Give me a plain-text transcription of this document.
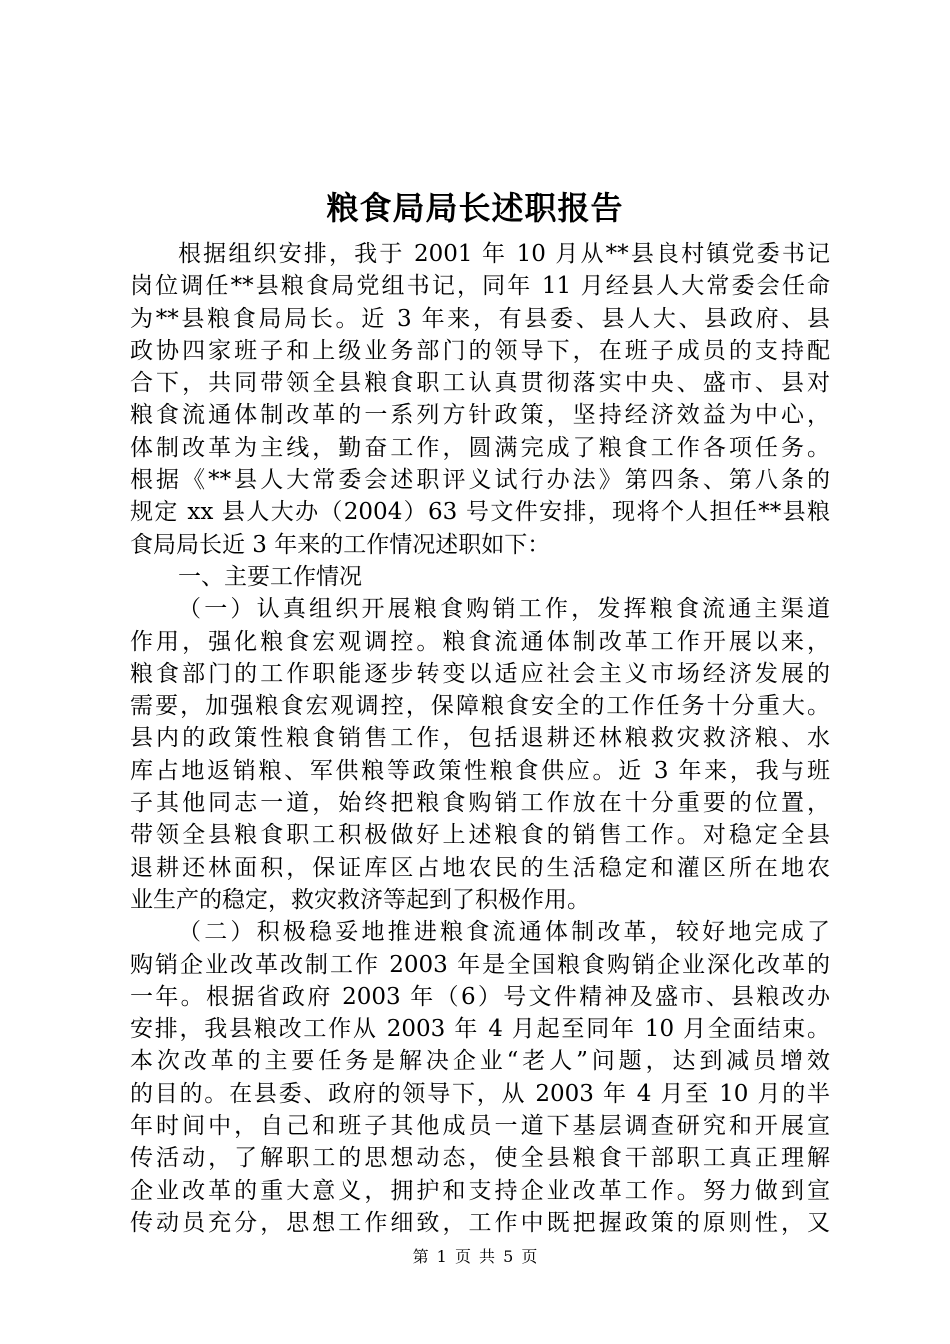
粮食局局长述职报告
根据组织安排，我于 2001 年 10 月从**县良村镇党委书记
岗位调任**县粮食局党组书记，同年 11 月经县人大常委会任命
为**县粮食局局长。近 3 年来，有县委、县人大、县政府、县
政协四家班子和上级业务部门的领导下，在班子成员的支持配
合下，共同带领全县粮食职工认真贯彻落实中央、盛市、县对
粮食流通体制改革的一系列方针政策，坚持经济效益为中心，
体制改革为主线，勤奋工作，圆满完成了粮食工作各项任务。
根据《**县人大常委会述职评义试行办法》第四条、第八条的
规定 xx 县人大办（2004）63 号文件安排，现将个人担任**县粮
食局局长近 3 年来的工作情况述职如下：
一、主要工作情况
（一）认真组织开展粮食购销工作，发挥粮食流通主渠道
作用，强化粮食宏观调控。粮食流通体制改革工作开展以来，
粮食部门的工作职能逐步转变以适应社会主义市场经济发展的
需要，加强粮食宏观调控，保障粮食安全的工作任务十分重大。
县内的政策性粮食销售工作，包括退耕还林粮救灾救济粮、水
库占地返销粮、军供粮等政策性粮食供应。近 3 年来，我与班
子其他同志一道，始终把粮食购销工作放在十分重要的位置，
带领全县粮食职工积极做好上述粮食的销售工作。对稳定全县
退耕还林面积，保证库区占地农民的生活稳定和灌区所在地农
业生产的稳定，救灾救济等起到了积极作用。
（二）积极稳妥地推进粮食流通体制改革，较好地完成了
购销企业改革改制工作 2003 年是全国粮食购销企业深化改革的
一年。根据省政府 2003 年（6）号文件精神及盛市、县粮改办
安排，我县粮改工作从 2003 年 4 月起至同年 10 月全面结束。
本次改革的主要任务是解决企业“老人”问题，达到减员增效
的目的。在县委、政府的领导下，从 2003 年 4 月至 10 月的半
年时间中，自己和班子其他成员一道下基层调查研究和开展宣
传活动，了解职工的思想动态，使全县粮食干部职工真正理解
企业改革的重大意义，拥护和支持企业改革工作。努力做到宣
传动员充分，思想工作细致，工作中既把握政策的原则性，又
第 1 页 共 5 页
